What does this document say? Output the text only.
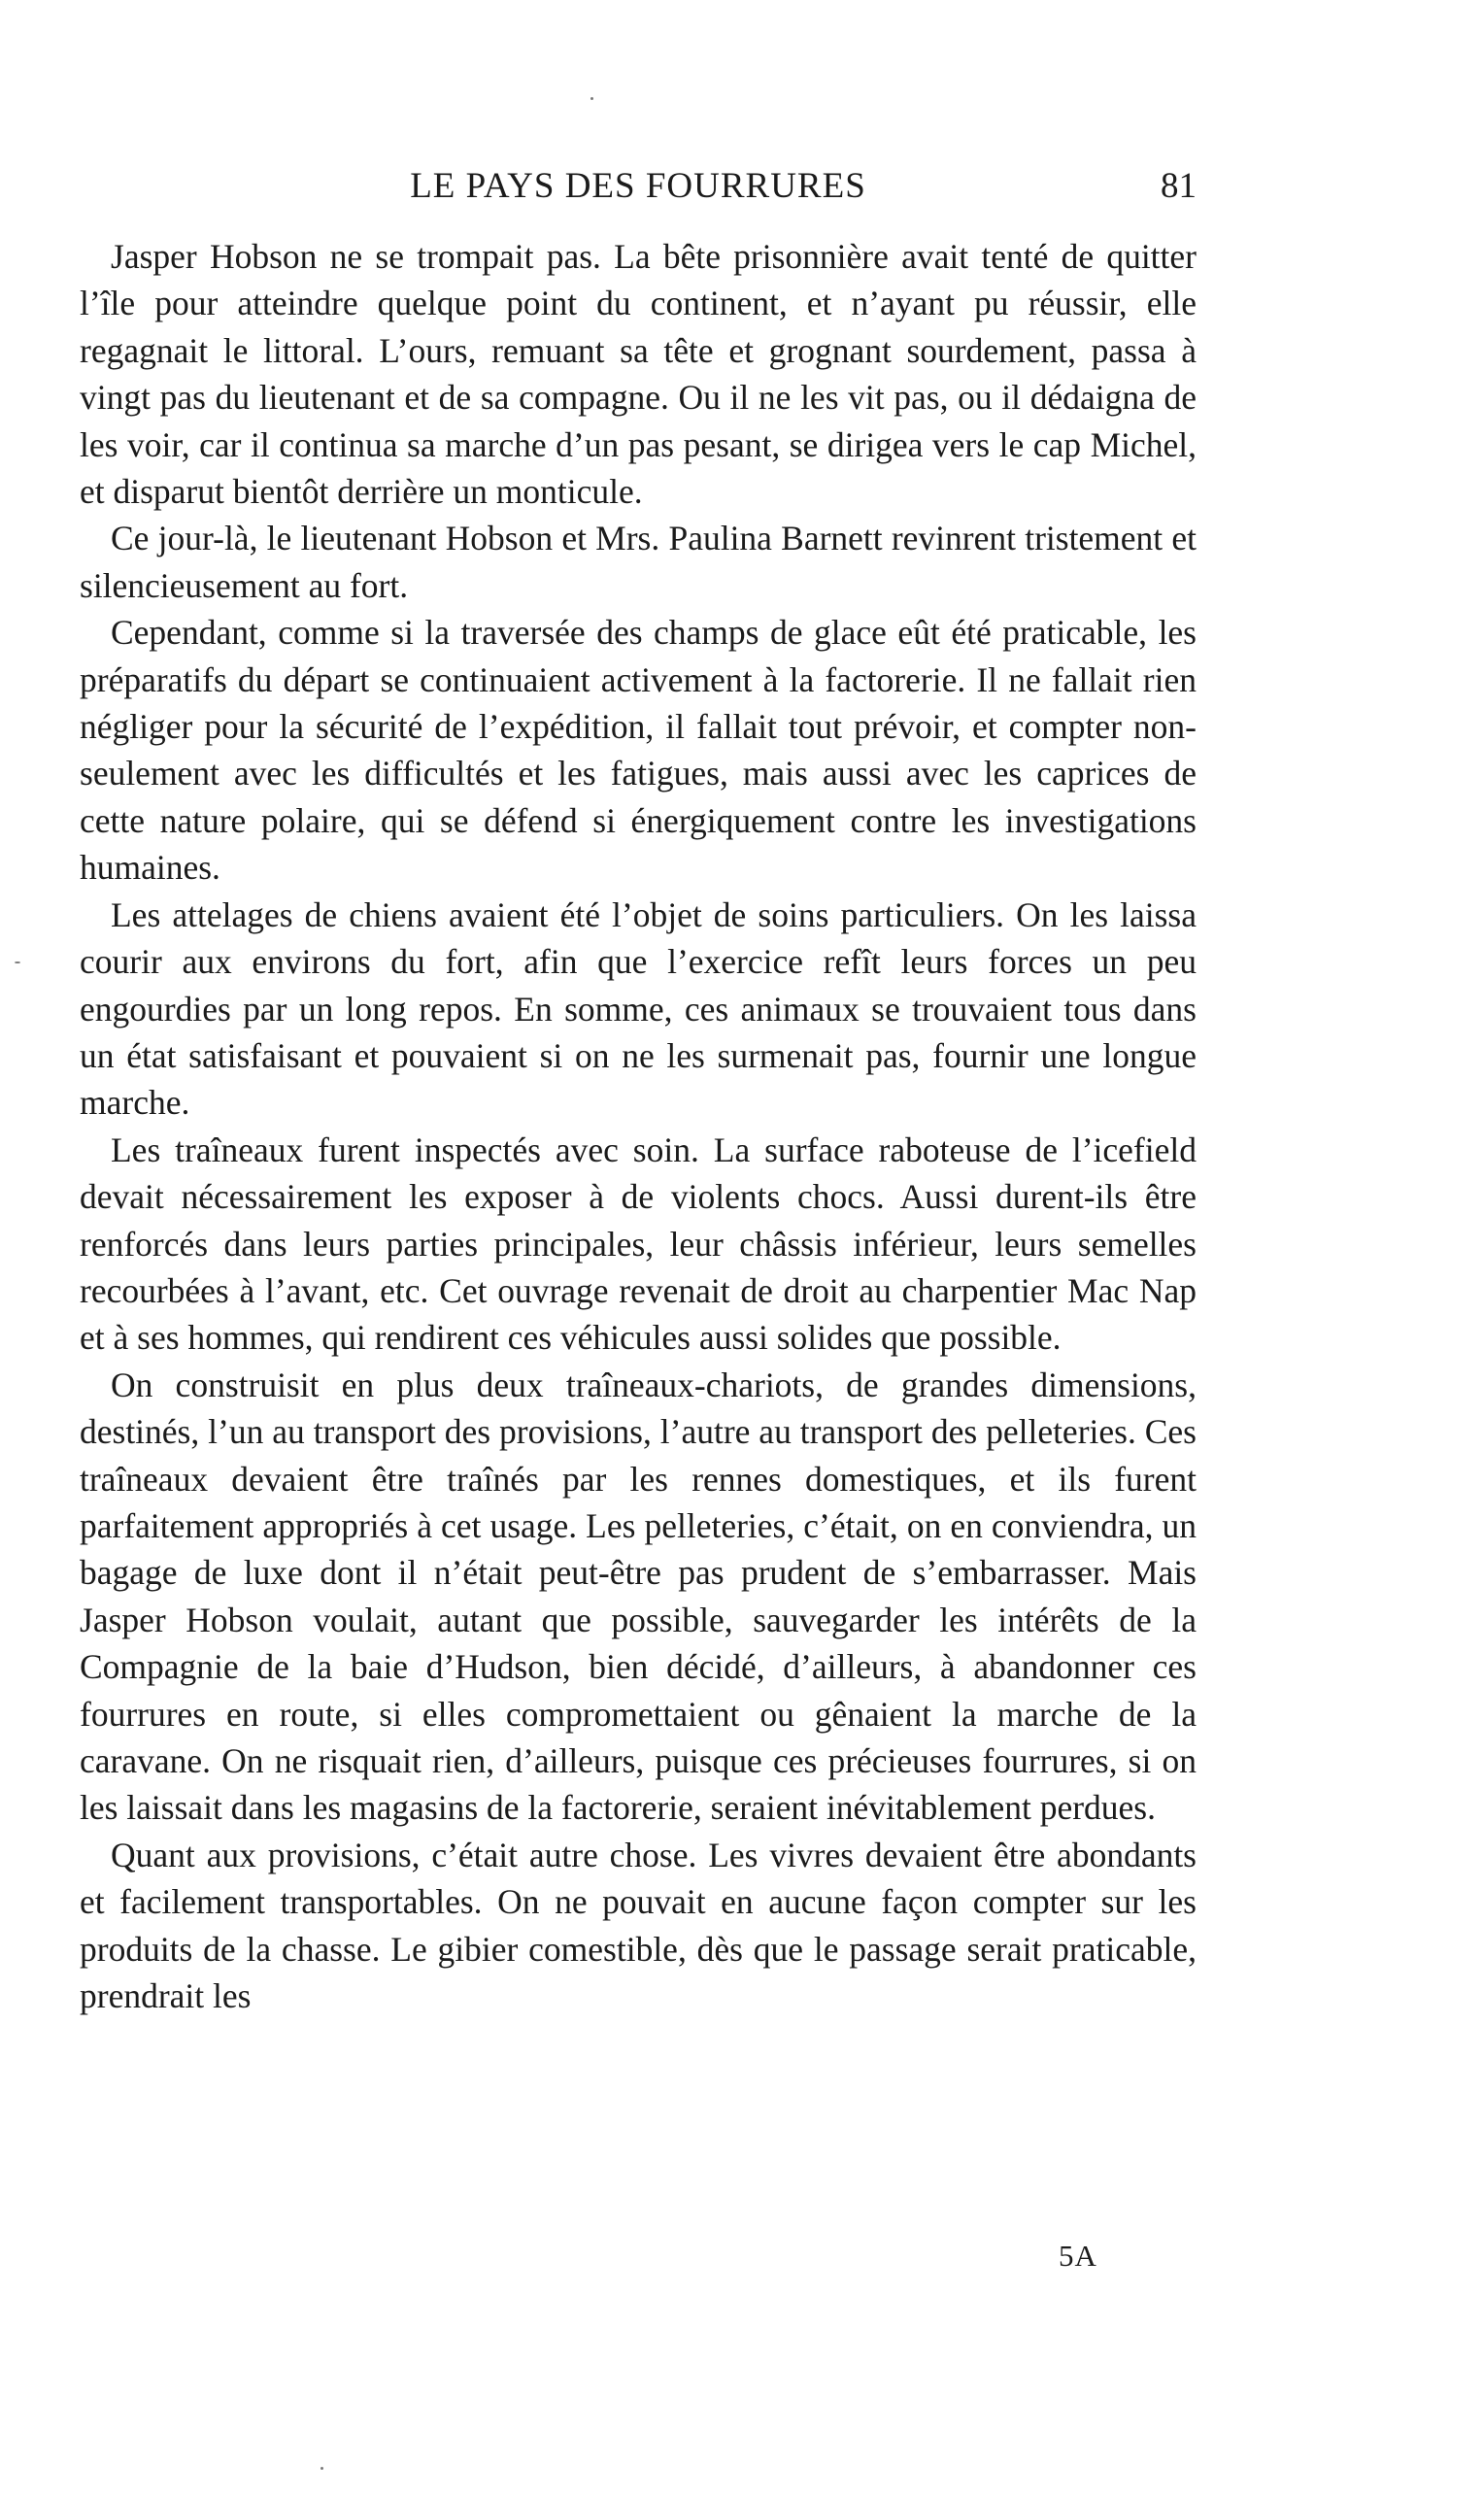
LE PAYS DES FOURRURES	81

Jasper Hobson ne se trompait pas. La bête prisonnière avait tenté de quitter l’île pour atteindre quelque point du continent, et n’ayant pu réussir, elle regagnait le littoral. L’ours, remuant sa tête et grognant sourdement, passa à vingt pas du lieutenant et de sa compagne. Ou il ne les vit pas, ou il dédaigna de les voir, car il continua sa marche d’un pas pesant, se dirigea vers le cap Michel, et disparut bientôt derrière un monticule.

Ce jour-là, le lieutenant Hobson et Mrs. Paulina Barnett revinrent tristement et silencieusement au fort.

Cependant, comme si la traversée des champs de glace eût été praticable, les préparatifs du départ se continuaient activement à la factorerie. Il ne fallait rien négliger pour la sécurité de l’expédition, il fallait tout prévoir, et compter non-seulement avec les difficultés et les fatigues, mais aussi avec les caprices de cette nature polaire, qui se défend si énergiquement contre les investigations humaines.

Les attelages de chiens avaient été l’objet de soins particuliers. On les laissa courir aux environs du fort, afin que l’exercice refît leurs forces un peu engourdies par un long repos. En somme, ces animaux se trouvaient tous dans un état satisfaisant et pouvaient si on ne les surmenait pas, fournir une longue marche.

Les traîneaux furent inspectés avec soin. La surface raboteuse de l’icefield devait nécessairement les exposer à de violents chocs. Aussi durent-ils être renforcés dans leurs parties principales, leur châssis inférieur, leurs semelles recourbées à l’avant, etc. Cet ouvrage revenait de droit au charpentier Mac Nap et à ses hommes, qui rendirent ces véhicules aussi solides que possible.

On construisit en plus deux traîneaux-chariots, de grandes dimensions, destinés, l’un au transport des provisions, l’autre au transport des pelleteries. Ces traîneaux devaient être traînés par les rennes domestiques, et ils furent parfaitement appropriés à cet usage. Les pelleteries, c’était, on en conviendra, un bagage de luxe dont il n’était peut-être pas prudent de s’embarrasser. Mais Jasper Hobson voulait, autant que possible, sauvegarder les intérêts de la Compagnie de la baie d’Hudson, bien décidé, d’ailleurs, à abandonner ces fourrures en route, si elles compromettaient ou gênaient la marche de la caravane. On ne risquait rien, d’ailleurs, puisque ces précieuses fourrures, si on les laissait dans les magasins de la factorerie, seraient inévitablement perdues.

Quant aux provisions, c’était autre chose. Les vivres devaient être abondants et facilement transportables. On ne pouvait en aucune façon compter sur les produits de la chasse. Le gibier comestible, dès que le passage serait praticable, prendrait les

5A
